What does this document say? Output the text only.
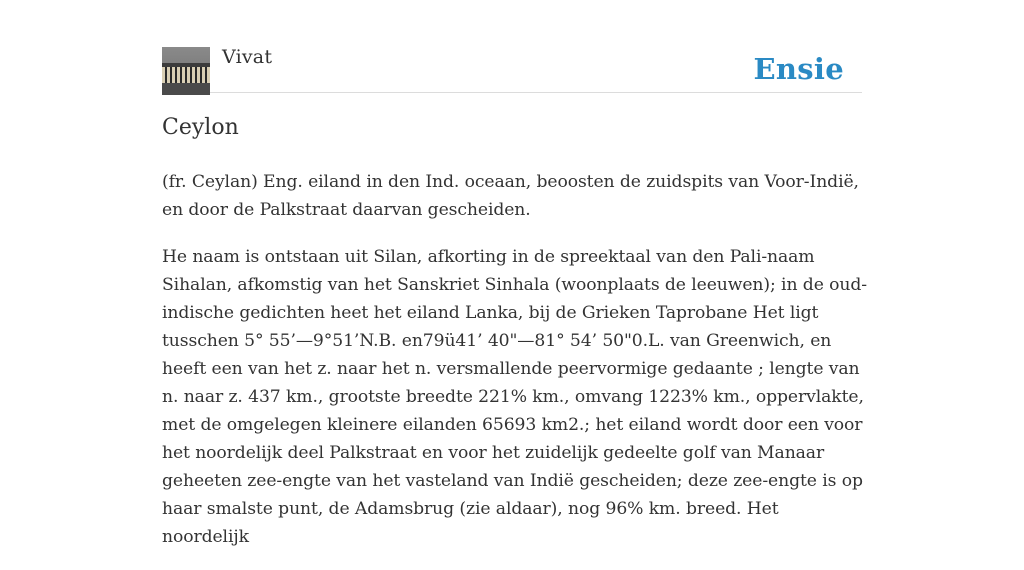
Vivat	Ensie
Ceylon

(fr. Ceylan) Eng. eiland in den Ind. oceaan, beoosten de zuidspits van Voor-Indië, en door de Palkstraat daarvan gescheiden.

He naam is ontstaan uit Silan, afkorting in de spreektaal van den Pali-naam Sihalan, afkomstig van het Sanskriet Sinhala (woonplaats de leeuwen); in de oud-indische gedichten heet het eiland Lanka, bij de Grieken Taprobane Het ligt tusschen 5° 55’—9°51’N.B. en79ü41’ 40"—81° 54’ 50"0.L. van Greenwich, en heeft een van het z. naar het n. versmallende peervormige gedaante ; lengte van n. naar z. 437 km., grootste breedte 221% km., omvang 1223% km., oppervlakte, met de omgelegen kleinere eilanden 65693 km2.; het eiland wordt door een voor het noordelijk deel Palkstraat en voor het zuidelijk gedeelte golf van Manaar geheeten zee-engte van het vasteland van Indië gescheiden; deze zee-engte is op haar smalste punt, de Adamsbrug (zie aldaar), nog 96% km. breed. Het noordelijk
